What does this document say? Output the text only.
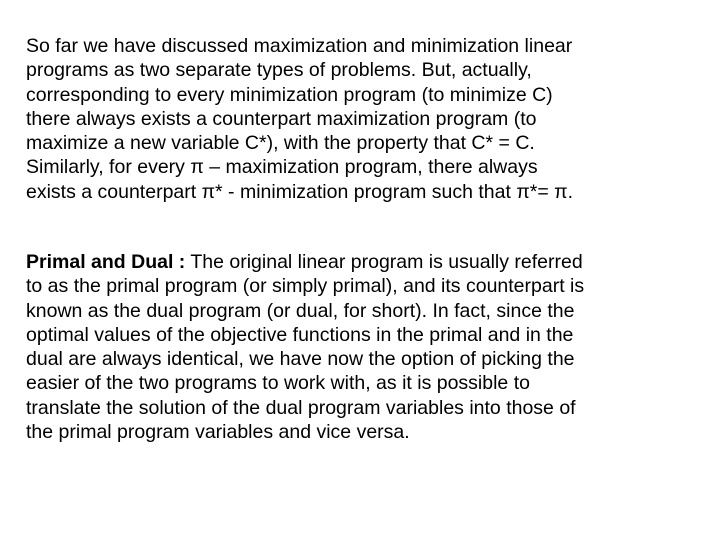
So far we have discussed maximization and minimization linear
programs as two separate types of problems. But, actually,
corresponding to every minimization program (to minimize C)
there always exists a counterpart maximization program (to
maximize a new variable C*), with the property that C* = C.
Similarly, for every π – maximization program, there always
exists a counterpart π* - minimization program such that π*= π.

Primal and Dual : The original linear program is usually referred
to as the primal program (or simply primal), and its counterpart is
known as the dual program (or dual, for short). In fact, since the
optimal values of the objective functions in the primal and in the
dual are always identical, we have now the option of picking the
easier of the two programs to work with, as it is possible to
translate the solution of the dual program variables into those of
the primal program variables and vice versa.
